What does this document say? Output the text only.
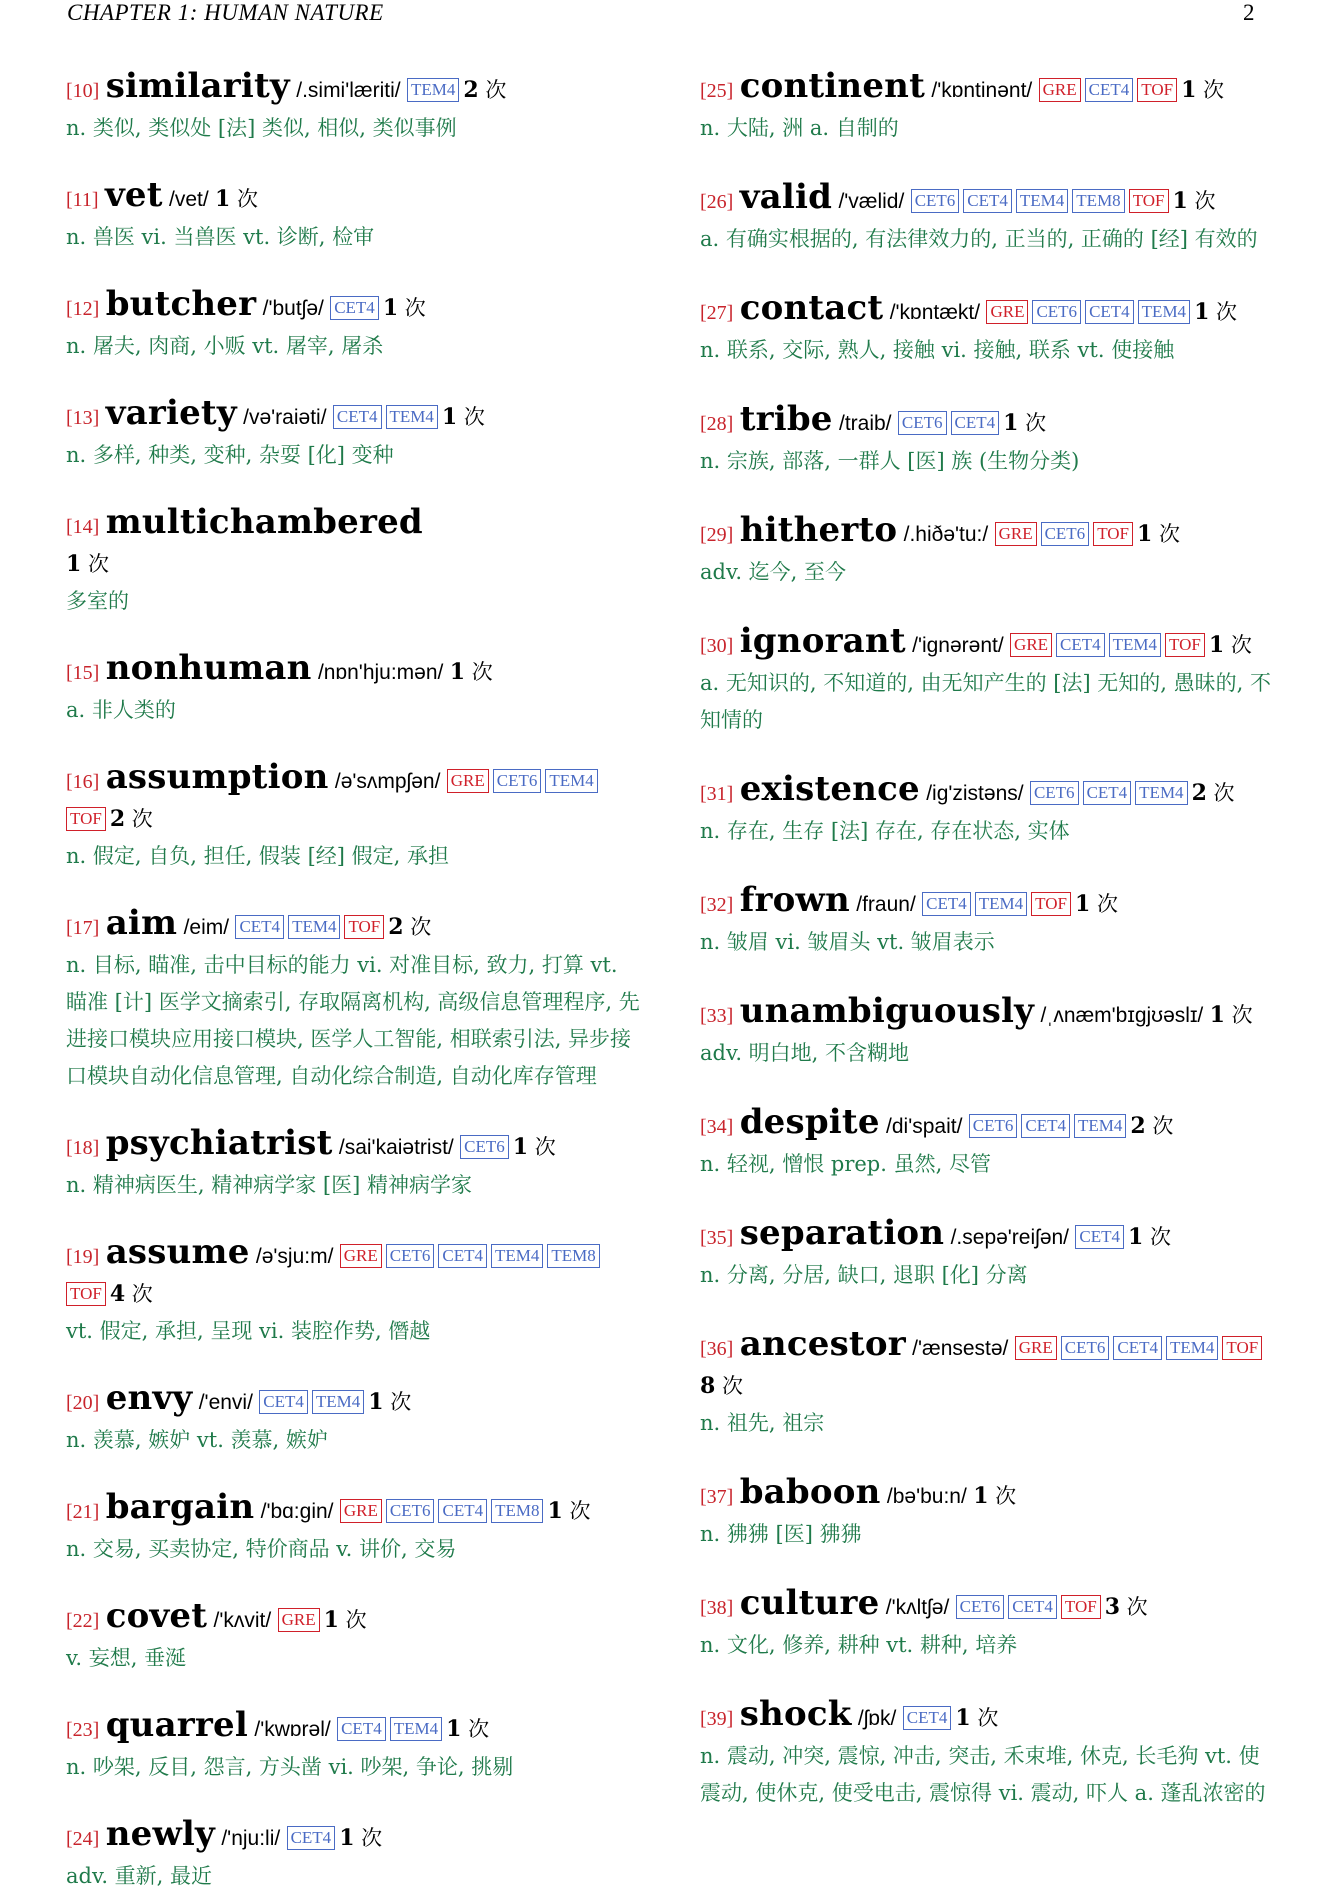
CHAPTER 1: HUMAN NATURE	2
[10] similarity /.simi'læriti/ TEM4 2 次
n. 类似, 类似处 [法] 类似, 相似, 类似事例
[11] vet /vet/ 1 次
n. 兽医 vi. 当兽医 vt. 诊断, 检审
[12] butcher /'butʃə/ CET4 1 次
n. 屠夫, 肉商, 小贩 vt. 屠宰, 屠杀
[13] variety /və'raiəti/ CET4 TEM4 1 次
n. 多样, 种类, 变种, 杂耍 [化] 变种
[14] multichambered
1 次
多室的
[15] nonhuman /nɒn'hju:mən/ 1 次
a. 非人类的
[16] assumption /ə'sʌmpʃən/ GRE CET6 TEM4TOF 2 次
n. 假定, 自负, 担任, 假装 [经] 假定, 承担
[17] aim /eim/ CET4 TEM4 TOF 2 次
n. 目标, 瞄准, 击中目标的能力 vi. 对准目标, 致力, 打算 vt. 瞄准 [计] 医学文摘索引, 存取隔离机构, 高级信息管理程序, 先进接口模块应用接口模块, 医学人工智能, 相联索引法, 异步接口模块自动化信息管理, 自动化综合制造, 自动化库存管理
[18] psychiatrist /sai'kaiətrist/ CET6 1 次
n. 精神病医生, 精神病学家 [医] 精神病学家
[19] assume /ə'sju:m/ GRE CET6 CET4 TEM4 TEM8TOF 4 次
vt. 假定, 承担, 呈现 vi. 装腔作势, 僭越
[20] envy /'envi/ CET4 TEM4 1 次
n. 羡慕, 嫉妒 vt. 羡慕, 嫉妒
[21] bargain /'bɑ:gin/ GRE CET6 CET4 TEM8 1 次
n. 交易, 买卖协定, 特价商品 v. 讲价, 交易
[22] covet /'kʌvit/ GRE 1 次
v. 妄想, 垂涎
[23] quarrel /'kwɒrəl/ CET4 TEM4 1 次
n. 吵架, 反目, 怨言, 方头凿 vi. 吵架, 争论, 挑剔
[24] newly /'nju:li/ CET4 1 次
adv. 重新, 最近
[25] continent /'kɒntinənt/ GRE CET4 TOF 1 次
n. 大陆, 洲 a. 自制的
[26] valid /'vælid/ CET6 CET4 TEM4 TEM8 TOF 1 次
a. 有确实根据的, 有法律效力的, 正当的, 正确的 [经] 有效的
[27] contact /'kɒntækt/ GRE CET6 CET4 TEM4 1 次
n. 联系, 交际, 熟人, 接触 vi. 接触, 联系 vt. 使接触
[28] tribe /traib/ CET6 CET4 1 次
n. 宗族, 部落, 一群人 [医] 族 (生物分类)
[29] hitherto /.hiðə'tu:/ GRE CET6 TOF 1 次
adv. 迄今, 至今
[30] ignorant /'ignərənt/ GRE CET4 TEM4 TOF 1 次
a. 无知识的, 不知道的, 由无知产生的 [法] 无知的, 愚昧的, 不知情的
[31] existence /ig'zistəns/ CET6 CET4 TEM4 2 次
n. 存在, 生存 [法] 存在, 存在状态, 实体
[32] frown /fraun/ CET4 TEM4 TOF 1 次
n. 皱眉 vi. 皱眉头 vt. 皱眉表示
[33] unambiguously /ˌʌnæm'bɪgjʊəslɪ/ 1 次
adv. 明白地, 不含糊地
[34] despite /di'spait/ CET6 CET4 TEM4 2 次
n. 轻视, 憎恨 prep. 虽然, 尽管
[35] separation /.sepə'reiʃən/ CET4 1 次
n. 分离, 分居, 缺口, 退职 [化] 分离
[36] ancestor /'ænsestə/ GRE CET6 CET4 TEM4 TOF8 次
n. 祖先, 祖宗
[37] baboon /bə'bu:n/ 1 次
n. 狒狒 [医] 狒狒
[38] culture /'kʌltʃə/ CET6 CET4 TOF 3 次
n. 文化, 修养, 耕种 vt. 耕种, 培养
[39] shock /ʃɒk/ CET4 1 次
n. 震动, 冲突, 震惊, 冲击, 突击, 禾束堆, 休克, 长毛狗 vt. 使震动, 使休克, 使受电击, 震惊得 vi. 震动, 吓人 a. 蓬乱浓密的
